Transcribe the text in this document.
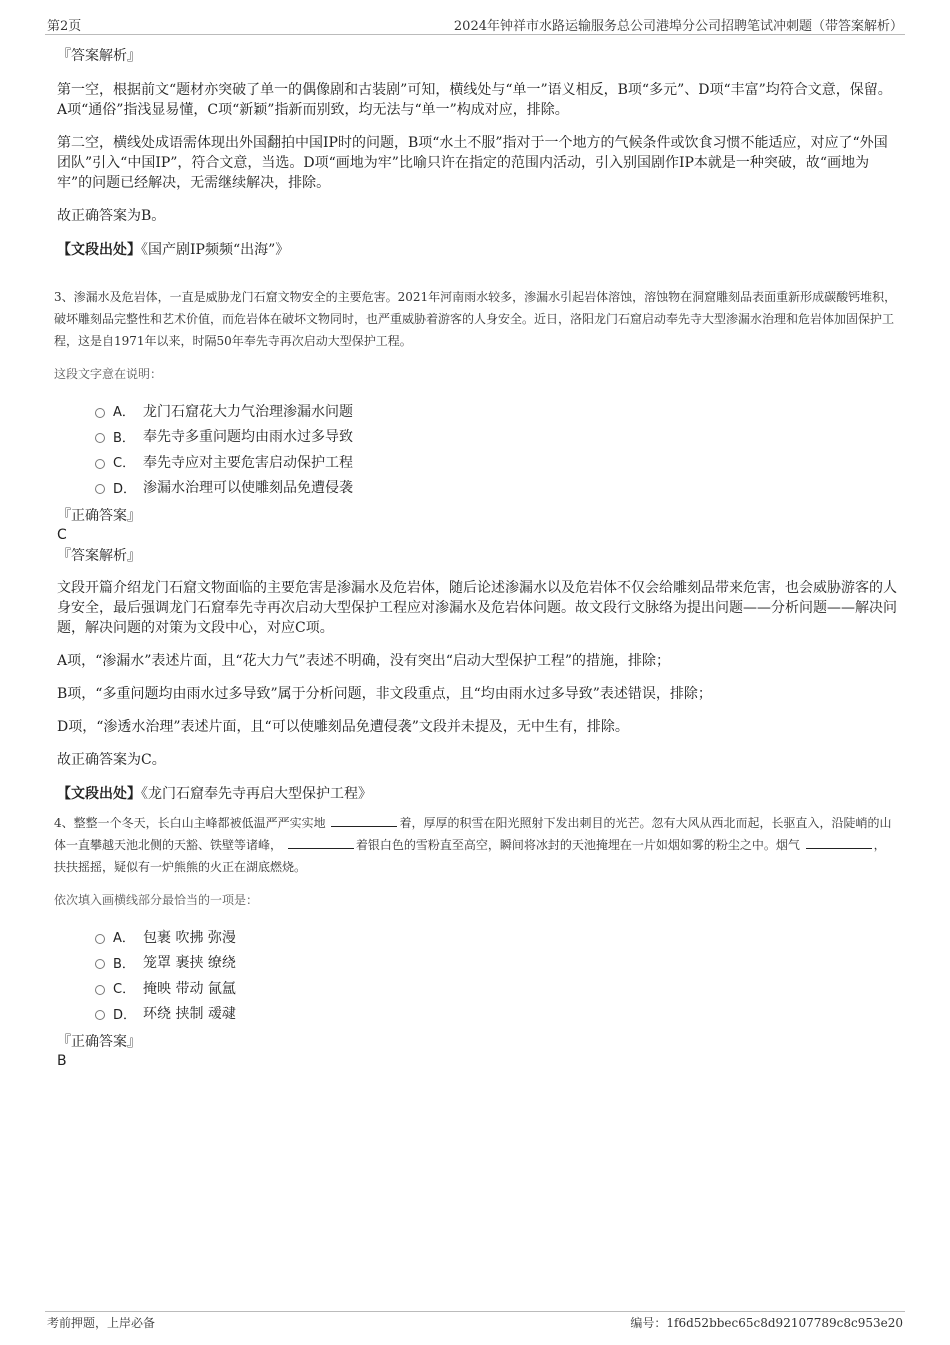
第2页	2024年钟祥市水路运输服务总公司港埠分公司招聘笔试冲刺题（带答案解析）
『答案解析』
第一空，根据前文“题材亦突破了单一的偶像剧和古装剧”可知，横线处与“单一”语义相反，B项“多元”、D项“丰富”均符合文意，保留。A项“通俗”指浅显易懂，C项“新颖”指新而别致，均无法与“单一”构成对应，排除。
第二空，横线处成语需体现出外国翻拍中国IP时的问题，B项“水土不服”指对于一个地方的气候条件或饮食习惯不能适应，对应了“外国团队”引入“中国IP”，符合文意，当选。D项“画地为牢”比喻只许在指定的范围内活动，引入别国剧作IP本就是一种突破，故“画地为牢”的问题已经解决，无需继续解决，排除。
故正确答案为B。
【文段出处】《国产剧IP频频“出海”》
3、渗漏水及危岩体，一直是威胁龙门石窟文物安全的主要危害。2021年河南雨水较多，渗漏水引起岩体溶蚀，溶蚀物在洞窟雕刻品表面重新形成碳酸钙堆积，破坏雕刻品完整性和艺术价值，而危岩体在破坏文物同时，也严重威胁着游客的人身安全。近日，洛阳龙门石窟启动奉先寺大型渗漏水治理和危岩体加固保护工程，这是自1971年以来，时隔50年奉先寺再次启动大型保护工程。
这段文字意在说明：
A． 龙门石窟花大力气治理渗漏水问题
B． 奉先寺多重问题均由雨水过多导致
C． 奉先寺应对主要危害启动保护工程
D． 渗漏水治理可以使雕刻品免遭侵袭
『正确答案』
C
『答案解析』
文段开篇介绍龙门石窟文物面临的主要危害是渗漏水及危岩体，随后论述渗漏水以及危岩体不仅会给雕刻品带来危害，也会威胁游客的人身安全，最后强调龙门石窟奉先寺再次启动大型保护工程应对渗漏水及危岩体问题。故文段行文脉络为提出问题——分析问题——解决问题，解决问题的对策为文段中心，对应C项。
A项，“渗漏水”表述片面，且“花大力气”表述不明确，没有突出“启动大型保护工程”的措施，排除；
B项，“多重问题均由雨水过多导致”属于分析问题，非文段重点，且“均由雨水过多导致”表述错误，排除；
D项，“渗透水治理”表述片面，且“可以使雕刻品免遭侵袭”文段并未提及，无中生有，排除。
故正确答案为C。
【文段出处】《龙门石窟奉先寺再启大型保护工程》
4、整整一个冬天，长白山主峰都被低温严严实实地	着，厚厚的积雪在阳光照射下发出刺目的光芒。忽有大风从西北而起，长驱直入，沿陡峭的山体一直攀越天池北侧的天豁、铁壁等诸峰，	着银白色的雪粉直至高空，瞬间将冰封的天池掩埋在一片如烟如雾的粉尘之中。烟气	，扶扶摇摇，疑似有一炉熊熊的火正在湖底燃烧。
依次填入画横线部分最恰当的一项是：
A． 包裹 吹拂 弥漫
B． 笼罩 裹挟 缭绕
C． 掩映 带动 氤氲
D． 环绕 挟制 叆叇
『正确答案』
B
考前押题，上岸必备	编号：1f6d52bbec65c8d92107789c8c953e20
